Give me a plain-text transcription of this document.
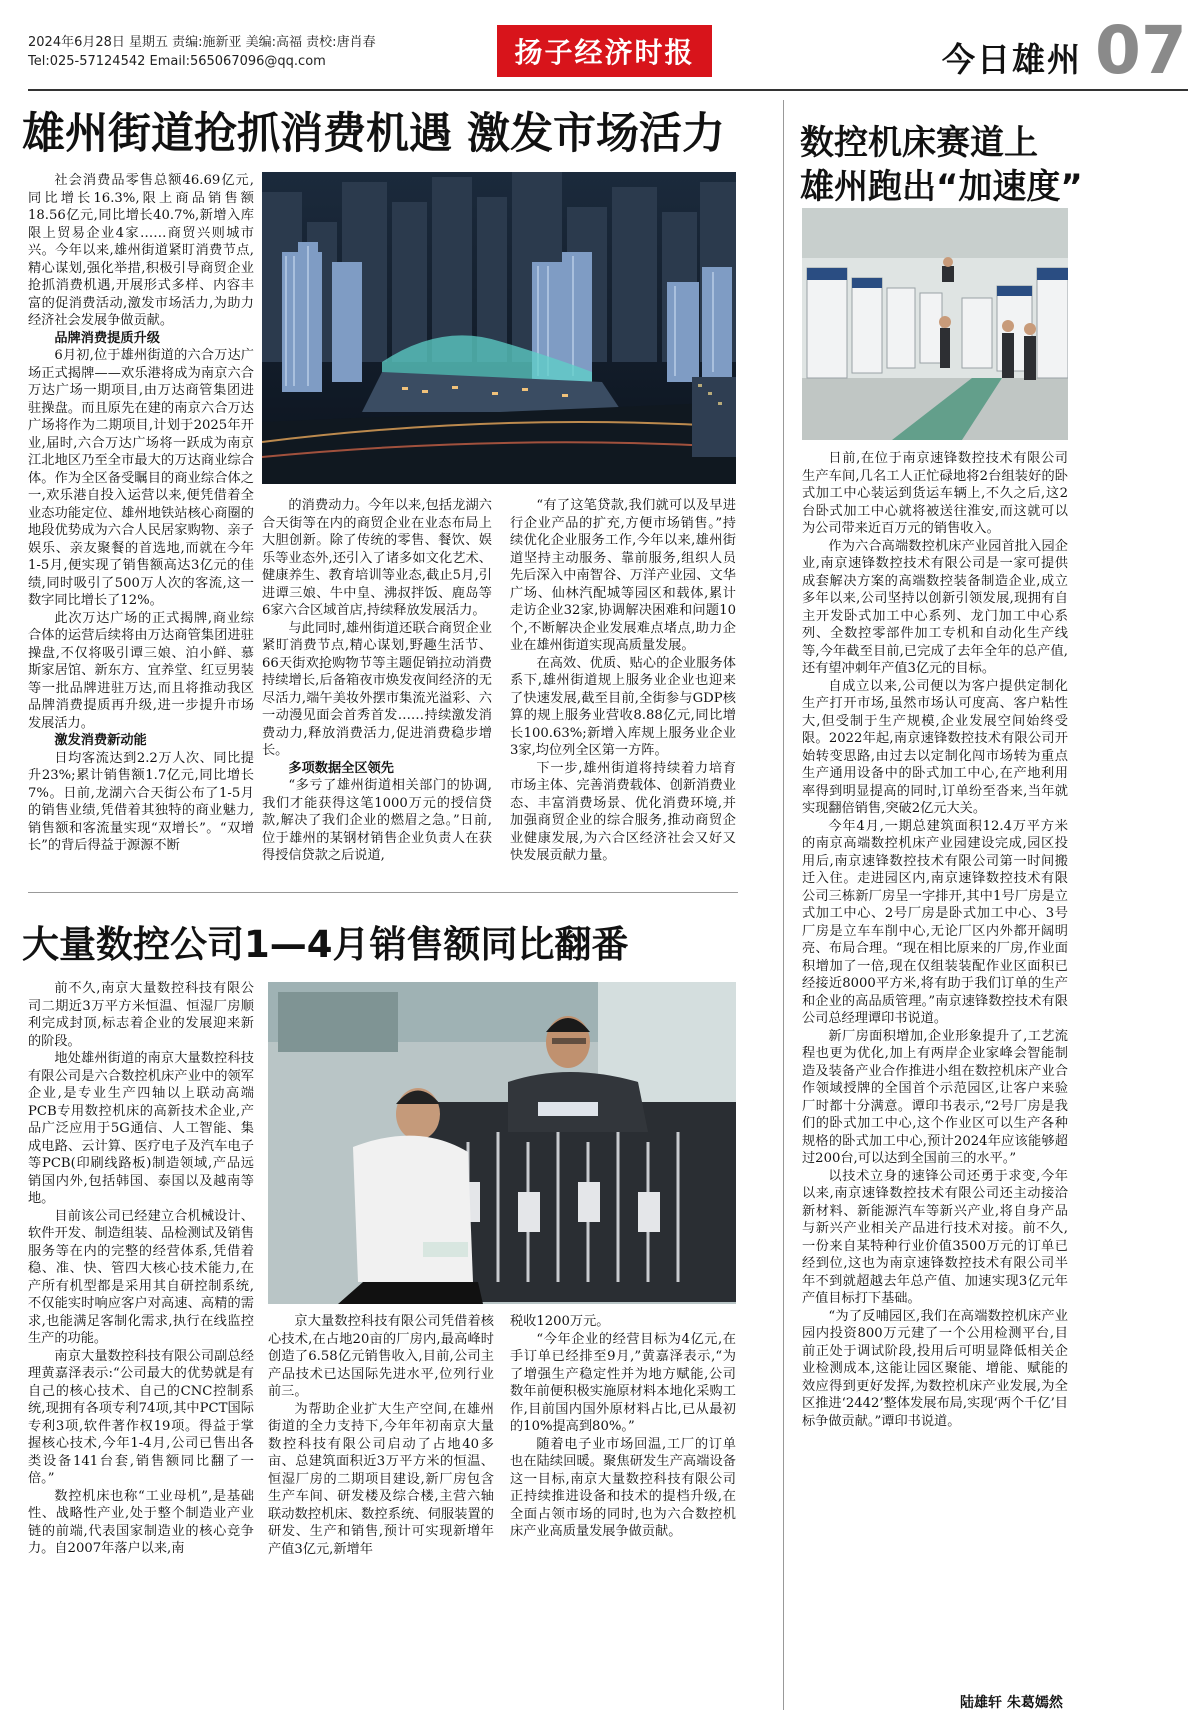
2024年6月28日 星期五 责编:施新亚 美编:高福 责校:唐肖春
Tel:025-57124542 Email:565067096@qq.com	扬子经济时报	今日雄州 07
雄州街道抢抓消费机遇 激发市场活力

社会消费品零售总额46.69亿元,同比增长16.3%,限上商品销售额18.56亿元,同比增长40.7%,新增入库限上贸易企业4家……商贸兴则城市兴。今年以来,雄州街道紧盯消费节点,精心谋划,强化举措,积极引导商贸企业抢抓消费机遇,开展形式多样、内容丰富的促消费活动,激发市场活力,为助力经济社会发展争做贡献。

品牌消费提质升级

6月初,位于雄州街道的六合万达广场正式揭牌——欢乐港将成为南京六合万达广场一期项目,由万达商管集团进驻操盘。而且原先在建的南京六合万达广场将作为二期项目,计划于2025年开业,届时,六合万达广场将一跃成为南京江北地区乃至全市最大的万达商业综合体。作为全区备受瞩目的商业综合体之一,欢乐港自投入运营以来,便凭借着全业态功能定位、雄州地铁站核心商圈的地段优势成为六合人民居家购物、亲子娱乐、亲友聚餐的首选地,而就在今年1-5月,便实现了销售额高达3亿元的佳绩,同时吸引了500万人次的客流,这一数字同比增长了12%。

此次万达广场的正式揭牌,商业综合体的运营后续将由万达商管集团进驻操盘,不仅将吸引谭三娘、泊小鲜、慕斯家居馆、新东方、宜养堂、红豆男装等一批品牌进驻万达,而且将推动我区品牌消费提质再升级,进一步提升市场发展活力。

激发消费新动能

日均客流达到2.2万人次、同比提升23%;累计销售额1.7亿元,同比增长7%。日前,龙湖六合天街公布了1-5月的销售业绩,凭借着其独特的商业魅力,销售额和客流量实现“双增长”。“双增长”的背后得益于源源不断

的消费动力。今年以来,包括龙湖六合天街等在内的商贸企业在业态布局上大胆创新。除了传统的零售、餐饮、娱乐等业态外,还引入了诸多如文化艺术、健康养生、教育培训等业态,截止5月,引进谭三娘、牛中皇、沸叔拌饭、鹿岛等6家六合区域首店,持续释放发展活力。

与此同时,雄州街道还联合商贸企业紧盯消费节点,精心谋划,野趣生活节、66天街欢抢购物节等主题促销拉动消费持续增长,后备箱夜市焕发夜间经济的无尽活力,端午美妆外摆市集流光溢彩、六一动漫见面会首秀首发……持续激发消费动力,释放消费活力,促进消费稳步增长。

多项数据全区领先

“多亏了雄州街道相关部门的协调,我们才能获得这笔1000万元的授信贷款,解决了我们企业的燃眉之急。”日前,位于雄州的某钢材销售企业负责人在获得授信贷款之后说道,

“有了这笔贷款,我们就可以及早进行企业产品的扩充,方便市场销售。”持续优化企业服务工作,今年以来,雄州街道坚持主动服务、靠前服务,组织人员先后深入中南智谷、万洋产业园、文华广场、仙林汽配城等园区和载体,累计走访企业32家,协调解决困难和问题10个,不断解决企业发展难点堵点,助力企业在雄州街道实现高质量发展。

在高效、优质、贴心的企业服务体系下,雄州街道规上服务业企业也迎来了快速发展,截至目前,全街参与GDP核算的规上服务业营收8.88亿元,同比增长100.63%;新增入库规上服务业企业3家,均位列全区第一方阵。

下一步,雄州街道将持续着力培育市场主体、完善消费载体、创新消费业态、丰富消费场景、优化消费环境,并加强商贸企业的综合服务,推动商贸企业健康发展,为六合区经济社会又好又快发展贡献力量。

大量数控公司1—4月销售额同比翻番

前不久,南京大量数控科技有限公司二期近3万平方米恒温、恒湿厂房顺利完成封顶,标志着企业的发展迎来新的阶段。

地处雄州街道的南京大量数控科技有限公司是六合数控机床产业中的领军企业,是专业生产四轴以上联动高端PCB专用数控机床的高新技术企业,产品广泛应用于5G通信、人工智能、集成电路、云计算、医疗电子及汽车电子等PCB(印刷线路板)制造领域,产品远销国内外,包括韩国、泰国以及越南等地。

目前该公司已经建立合机械设计、软件开发、制造组装、品检测试及销售服务等在内的完整的经营体系,凭借着稳、准、快、管四大核心技术能力,在产所有机型都是采用其自研控制系统,不仅能实时响应客户对高速、高精的需求,也能满足客制化需求,执行在线监控生产的功能。

南京大量数控科技有限公司副总经理黄嘉泽表示:“公司最大的优势就是有自己的核心技术、自己的CNC控制系统,现拥有各项专利74项,其中PCT国际专利3项,软件著作权19项。得益于掌握核心技术,今年1-4月,公司已售出各类设备141台套,销售额同比翻了一倍。”

数控机床也称“工业母机”,是基础性、战略性产业,处于整个制造业产业链的前端,代表国家制造业的核心竞争力。自2007年落户以来,南

京大量数控科技有限公司凭借着核心技术,在占地20亩的厂房内,最高峰时创造了6.58亿元销售收入,目前,公司主产品技术已达国际先进水平,位列行业前三。

为帮助企业扩大生产空间,在雄州街道的全力支持下,今年年初南京大量数控科技有限公司启动了占地40多亩、总建筑面积近3万平方米的恒温、恒湿厂房的二期项目建设,新厂房包含生产车间、研发楼及综合楼,主营六轴联动数控机床、数控系统、伺服装置的研发、生产和销售,预计可实现新增年产值3亿元,新增年

税收1200万元。

“今年企业的经营目标为4亿元,在手订单已经排至9月,”黄嘉泽表示,“为了增强生产稳定性并为地方赋能,公司数年前便积极实施原材料本地化采购工作,目前国内国外原材料占比,已从最初的10%提高到80%。”

随着电子业市场回温,工厂的订单也在陆续回暖。聚焦研发生产高端设备这一目标,南京大量数控科技有限公司正持续推进设备和技术的提档升级,在全面占领市场的同时,也为六合数控机床产业高质量发展争做贡献。

数控机床赛道上
雄州跑出“加速度”

日前,在位于南京速锋数控技术有限公司生产车间,几名工人正忙碌地将2台组装好的卧式加工中心装运到货运车辆上,不久之后,这2台卧式加工中心就将被送往淮安,而这就可以为公司带来近百万元的销售收入。

作为六合高端数控机床产业园首批入园企业,南京速锋数控技术有限公司是一家可提供成套解决方案的高端数控装备制造企业,成立多年以来,公司坚持以创新引领发展,现拥有自主开发卧式加工中心系列、龙门加工中心系列、全数控零部件加工专机和自动化生产线等,今年截至目前,已完成了去年全年的总产值,还有望冲刺年产值3亿元的目标。

自成立以来,公司便以为客户提供定制化生产打开市场,虽然市场认可度高、客户粘性大,但受制于生产规模,企业发展空间始终受限。2022年起,南京速锋数控技术有限公司开始转变思路,由过去以定制化闯市场转为重点生产通用设备中的卧式加工中心,在产地利用率得到明显提高的同时,订单纷至沓来,当年就实现翻倍销售,突破2亿元大关。

今年4月,一期总建筑面积12.4万平方米的南京高端数控机床产业园建设完成,园区投用后,南京速锋数控技术有限公司第一时间搬迁入住。走进园区内,南京速锋数控技术有限公司三栋新厂房呈一字排开,其中1号厂房是立式加工中心、2号厂房是卧式加工中心、3号厂房是立车车削中心,无论厂区内外都开阔明亮、布局合理。“现在相比原来的厂房,作业面积增加了一倍,现在仅组装装配作业区面积已经接近8000平方米,将有助于我们订单的生产和企业的高品质管理。”南京速锋数控技术有限公司总经理谭印书说道。

新厂房面积增加,企业形象提升了,工艺流程也更为优化,加上有两岸企业家峰会智能制造及装备产业合作推进小组在数控机床产业合作领域授牌的全国首个示范园区,让客户来验厂时都十分满意。谭印书表示,“2号厂房是我们的卧式加工中心,这个作业区可以生产各种规格的卧式加工中心,预计2024年应该能够超过200台,可以达到全国前三的水平。”

以技术立身的速锋公司还勇于求变,今年以来,南京速锋数控技术有限公司还主动接洽新材料、新能源汽车等新兴产业,将自身产品与新兴产业相关产品进行技术对接。前不久,一份来自某特种行业价值3500万元的订单已经到位,这也为南京速锋数控技术有限公司半年不到就超越去年总产值、加速实现3亿元年产值目标打下基础。

“为了反哺园区,我们在高端数控机床产业园内投资800万元建了一个公用检测平台,目前正处于调试阶段,投用后可明显降低相关企业检测成本,这能让园区聚能、增能、赋能的效应得到更好发挥,为数控机床产业发展,为全区推进‘2442’整体发展布局,实现‘两个千亿’目标争做贡献。”谭印书说道。

陆雄轩 朱葛嫣然
